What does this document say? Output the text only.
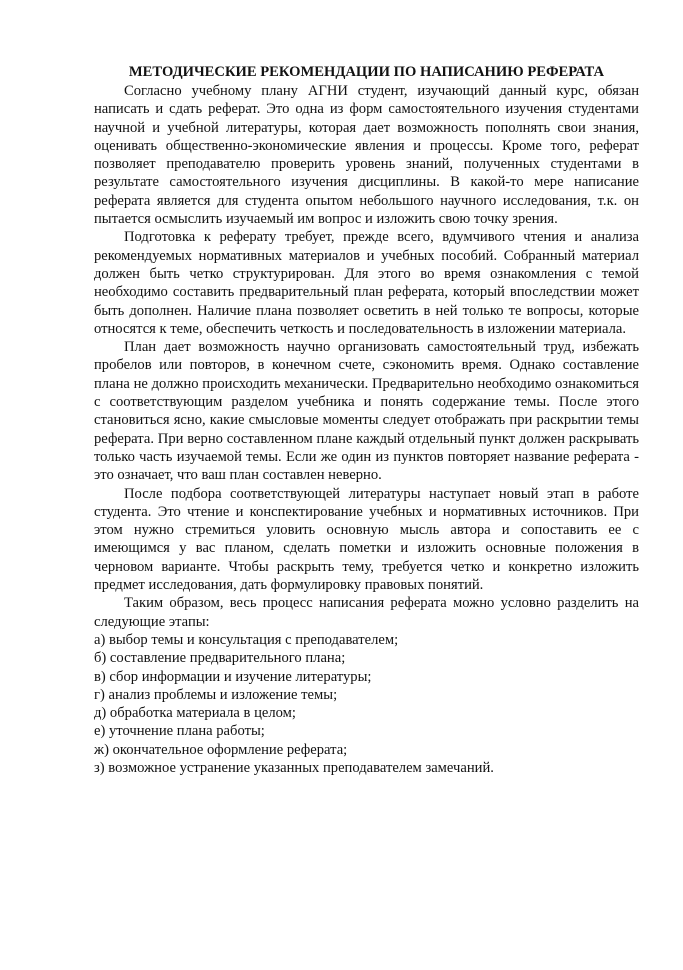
МЕТОДИЧЕСКИЕ РЕКОМЕНДАЦИИ ПО НАПИСАНИЮ РЕФЕРАТА

Согласно учебному плану АГНИ студент, изучающий данный курс, обязан написать и сдать реферат. Это одна из форм самостоятельного изучения студентами научной и учебной литературы, которая дает возможность пополнять свои знания, оценивать общественно-экономические явления и процессы. Кроме того, реферат позволяет преподавателю проверить уровень знаний, полученных студентами в результате самостоятельного изучения дисциплины. В какой-то мере написание реферата является для студента опытом небольшого научного исследования, т.к. он пытается осмыслить изучаемый им вопрос и изложить свою точку зрения.

Подготовка к реферату требует, прежде всего, вдумчивого чтения и анализа рекомендуемых нормативных материалов и учебных пособий. Собранный материал должен быть четко структурирован. Для этого во время ознакомления с темой необходимо составить предварительный план реферата, который впоследствии может быть дополнен. Наличие плана позволяет осветить в ней только те вопросы, которые относятся к теме, обеспечить четкость и последовательность в изложении материала.

План дает возможность научно организовать самостоятельный труд, избежать пробелов или повторов, в конечном счете, сэкономить время. Однако составление плана не должно происходить механически. Предварительно необходимо ознакомиться с соответствующим разделом учебника и понять содержание темы. После этого становиться ясно, какие смысловые моменты следует отображать при раскрытии темы реферата. При верно составленном плане каждый отдельный пункт должен раскрывать только часть изучаемой темы. Если же один из пунктов повторяет название реферата - это означает, что ваш план составлен неверно.

После подбора соответствующей литературы наступает новый этап в работе студента. Это чтение и конспектирование учебных и нормативных источников. При этом нужно стремиться уловить основную мысль автора и сопоставить ее с имеющимся у вас планом, сделать пометки и изложить основные положения в черновом варианте. Чтобы раскрыть тему, требуется четко и конкретно изложить предмет исследования, дать формулировку правовых понятий.

Таким образом, весь процесс написания реферата можно условно разделить на следующие этапы:

а) выбор темы и консультация с преподавателем;
б) составление предварительного плана;
в) сбор информации и изучение литературы;
г) анализ проблемы и изложение темы;
д) обработка материала в целом;
е) уточнение плана работы;
ж) окончательное оформление реферата;
з) возможное устранение указанных преподавателем замечаний.
